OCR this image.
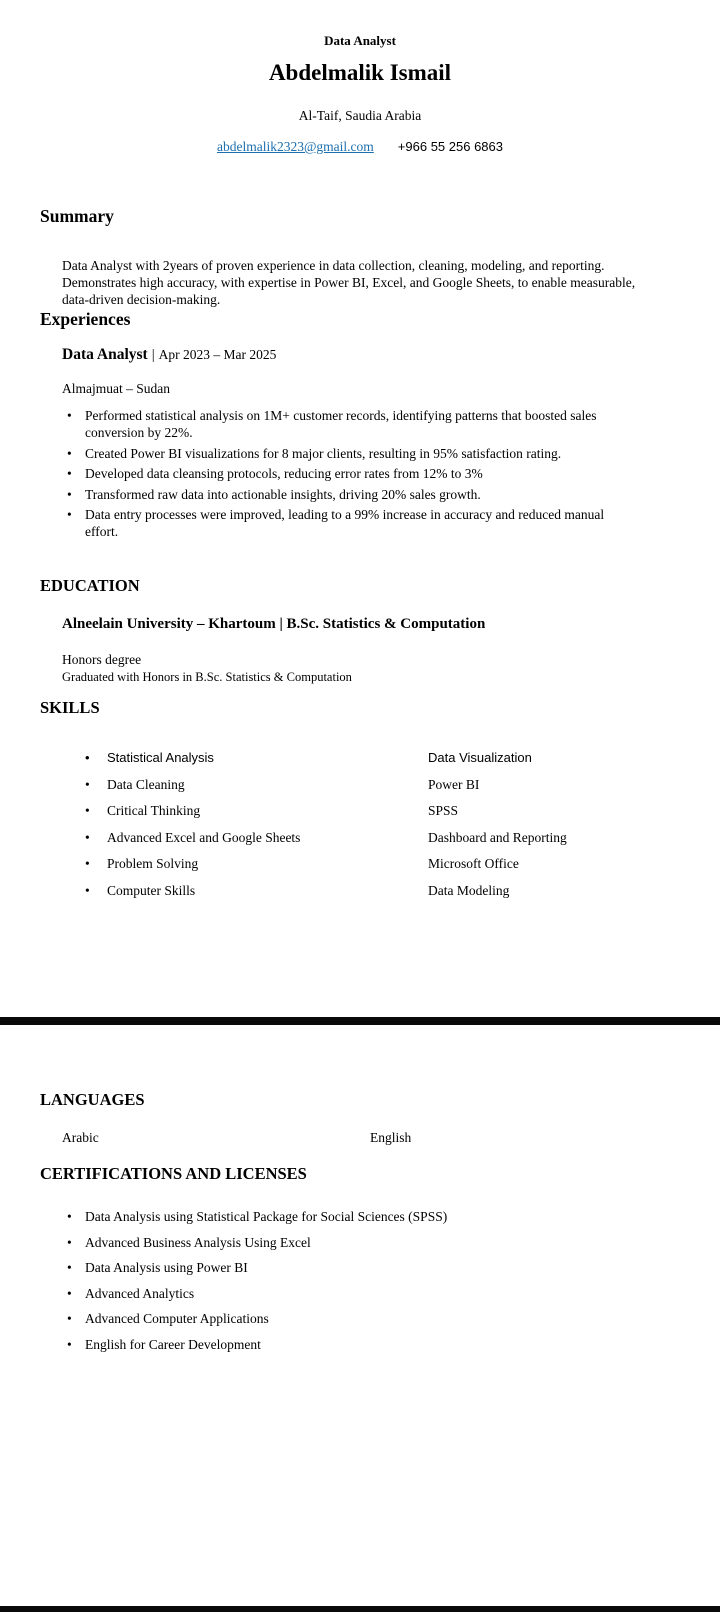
Data Analyst
Abdelmalik Ismail
Al-Taif, Saudia Arabia
abdelmalik2323@gmail.com +966 55 256 6863
Summary

Data Analyst with 2years of proven experience in data collection, cleaning, modeling, and reporting. Demonstrates high accuracy, with expertise in Power BI, Excel, and Google Sheets, to enable measurable, data-driven decision-making.

Experiences
Data Analyst | Apr 2023 – Mar 2025
Almajmuat – Sudan
• Performed statistical analysis on 1M+ customer records, identifying patterns that boosted sales conversion by 22%.
• Created Power BI visualizations for 8 major clients, resulting in 95% satisfaction rating.
• Developed data cleansing protocols, reducing error rates from 12% to 3%
• Transformed raw data into actionable insights, driving 20% sales growth.
• Data entry processes were improved, leading to a 99% increase in accuracy and reduced manual effort.
EDUCATION
Alneelain University – Khartoum | B.Sc. Statistics & Computation
Honors degree
Graduated with Honors in B.Sc. Statistics & Computation
SKILLS
• Statistical Analysis	Data Visualization
• Data Cleaning	Power BI
• Critical Thinking	SPSS
• Advanced Excel and Google Sheets	Dashboard and Reporting
• Problem Solving	Microsoft Office
• Computer Skills	Data Modeling
LANGUAGES
Arabic	English
CERTIFICATIONS AND LICENSES
• Data Analysis using Statistical Package for Social Sciences (SPSS)
• Advanced Business Analysis Using Excel
• Data Analysis using Power BI
• Advanced Analytics
• Advanced Computer Applications
• English for Career Development
